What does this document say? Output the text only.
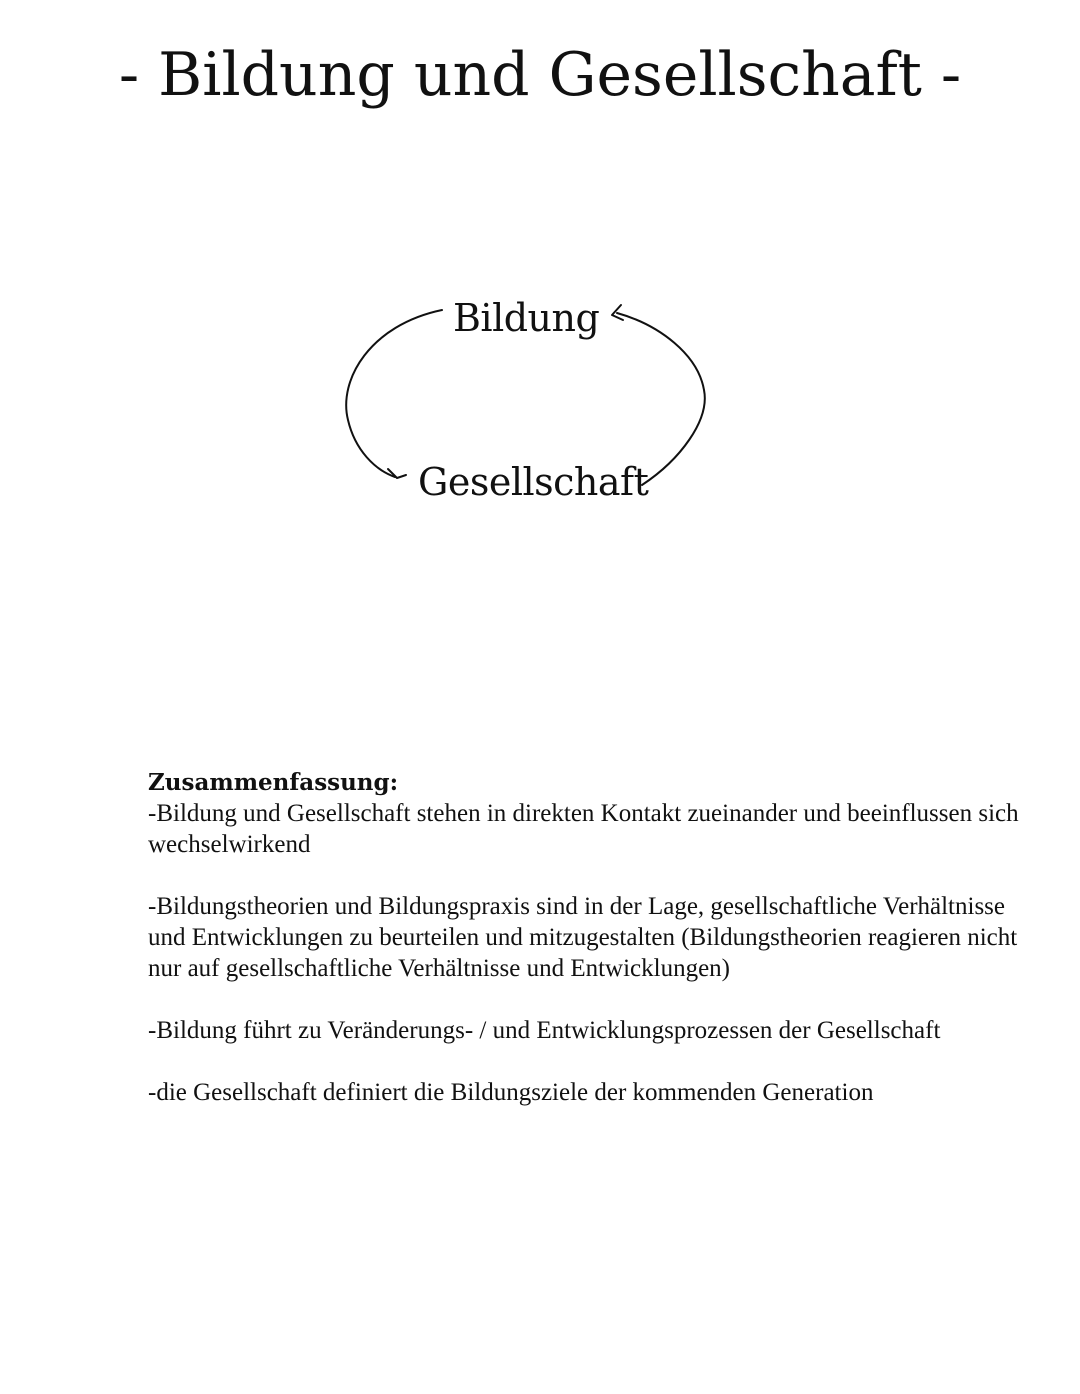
- Bildung und Gesellschaft -
Bildung
Gesellschaft

Zusammenfassung:

-Bildung und Gesellschaft stehen in direkten Kontakt zueinander und beeinflussen sich wechselwirkend

-Bildungstheorien und Bildungspraxis sind in der Lage, gesellschaftliche Verhältnisse und Entwicklungen zu beurteilen und mitzugestalten (Bildungstheorien reagieren nicht nur auf gesellschaftliche Verhältnisse und Entwicklungen)

-Bildung führt zu Veränderungs- / und Entwicklungsprozessen der Gesellschaft

-die Gesellschaft definiert die Bildungsziele der kommenden Generation
